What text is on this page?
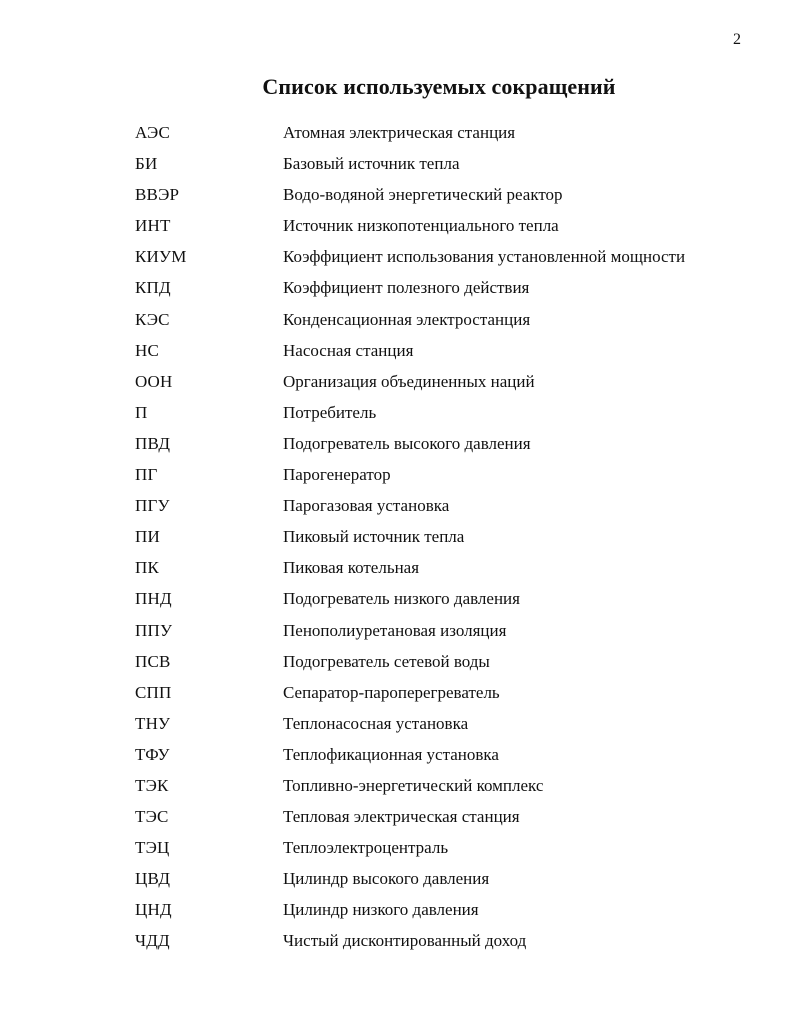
2
Список используемых сокращений
АЭС	Атомная электрическая станция
БИ	Базовый источник тепла
ВВЭР	Водо-водяной энергетический реактор
ИНТ	Источник низкопотенциального тепла
КИУМ	Коэффициент использования установленной мощности
КПД	Коэффициент полезного действия
КЭС	Конденсационная электростанция
НС	Насосная станция
ООН	Организация объединенных наций
П	Потребитель
ПВД	Подогреватель высокого давления
ПГ	Парогенератор
ПГУ	Парогазовая установка
ПИ	Пиковый источник тепла
ПК	Пиковая котельная
ПНД	Подогреватель низкого давления
ППУ	Пенополиуретановая изоляция
ПСВ	Подогреватель сетевой воды
СПП	Сепаратор-пароперегреватель
ТНУ	Теплонасосная установка
ТФУ	Теплофикационная установка
ТЭК	Топливно-энергетический комплекс
ТЭС	Тепловая электрическая станция
ТЭЦ	Теплоэлектроцентраль
ЦВД	Цилиндр высокого давления
ЦНД	Цилиндр низкого давления
ЧДД	Чистый дисконтированный доход
